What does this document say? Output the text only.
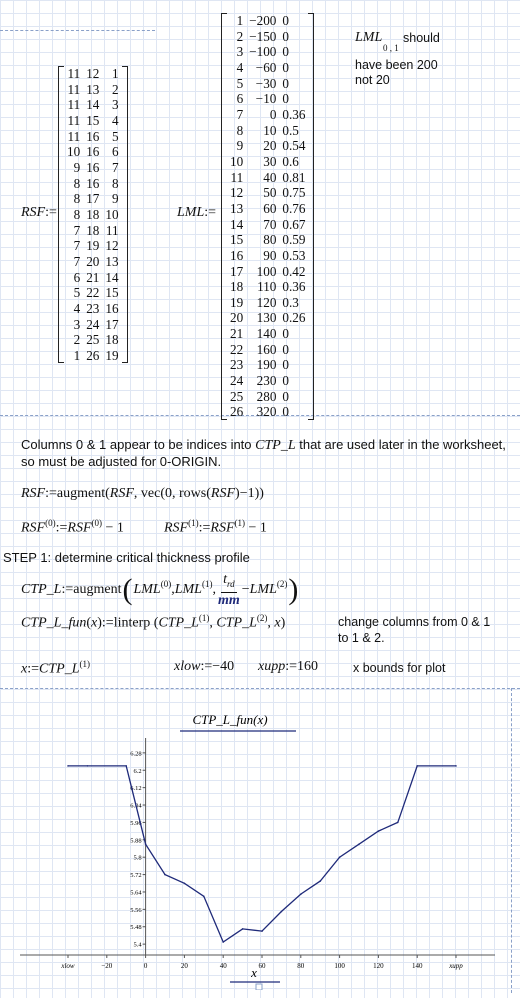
RSF:=
11	12	1
11	13	2
11	14	3
11	15	4
11	16	5
10	16	6
9	16	7
8	16	8
8	17	9
8	18	10
7	18	11
7	19	12
7	20	13
6	21	14
5	22	15
4	23	16
3	24	17
2	25	18
1	26	19
LML:=
1	−200	0
2	−150	0
3	−100	0
4	−60	0
5	−30	0
6	−10	0
7	0	0.36
8	10	0.5
9	20	0.54
10	30	0.6
11	40	0.81
12	50	0.75
13	60	0.76
14	70	0.67
15	80	0.59
16	90	0.53
17	100	0.42
18	110	0.36
19	120	0.3
20	130	0.26
21	140	0
22	160	0
23	190	0
24	230	0
25	280	0
26	320	0
LML
0 , 1
should
have been 200
not 20
Columns 0 & 1 appear to be indices into CTP_L that are used later in the worksheet,
so must be adjusted for 0-ORIGIN.
RSF:=augment(RSF, vec(0, rows(RSF)−1))
$RSF^{(0)}:=RSF^{(0)} - 1$	$RSF^{(1)}:=RSF^{(1)} - 1$
STEP 1: determine critical thickness profile
CTP_L := augment ( LML$^{(0)}$ , LML$^{(1)}$ ,
$t_{rd}$
mm
− $LML^{(2)}$ )
CTP_L_fun(x):=linterp ($CTP\_L^{(1)}$, $CTP\_L^{(2)}$, x)	change columns from 0 & 1
to 1 & 2.
$x:=CTP\_L^{(1)}$	xlow:=−40 xupp:=160	x bounds for plot
CTP_L_fun(x)
xlow	−20	0	20	40	60	80	100	120	140	xupp
5.4
5.48
5.56
5.64
5.72
5.8
5.88
5.96
6.04
6.12
6.2
6.28
x
